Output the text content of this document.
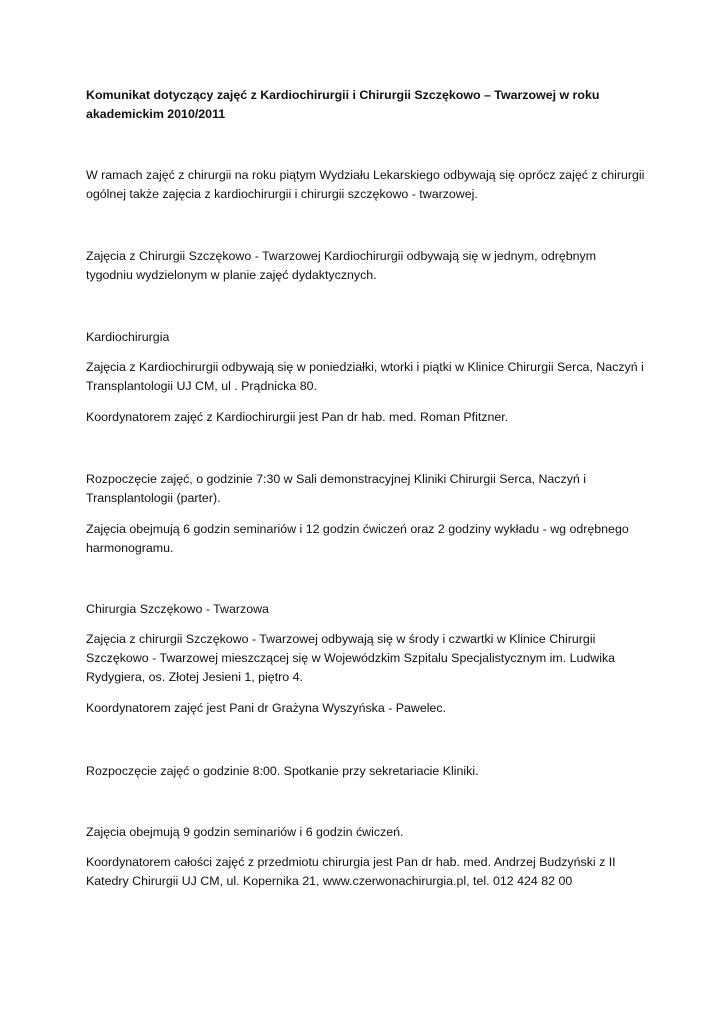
Komunikat dotyczący zajęć z Kardiochirurgii i Chirurgii Szczękowo – Twarzowej w roku
akademickim 2010/2011
W ramach zajęć z chirurgii na roku piątym Wydziału Lekarskiego odbywają się oprócz zajęć z chirurgii
ogólnej także zajęcia z kardiochirurgii i chirurgii szczękowo - twarzowej.
Zajęcia z Chirurgii Szczękowo - Twarzowej Kardiochirurgii odbywają się w jednym, odrębnym
tygodniu wydzielonym w planie zajęć dydaktycznych.
Kardiochirurgia
Zajęcia z Kardiochirurgii odbywają się w poniedziałki, wtorki i piątki w Klinice Chirurgii Serca, Naczyń i
Transplantologii UJ CM, ul . Prądnicka 80.
Koordynatorem zajęć z Kardiochirurgii jest Pan dr hab. med. Roman Pfitzner.
Rozpoczęcie zajęć, o godzinie 7:30 w Sali demonstracyjnej Kliniki Chirurgii Serca, Naczyń i
Transplantologii (parter).
Zajęcia obejmują 6 godzin seminariów i 12 godzin ćwiczeń oraz 2 godziny wykładu - wg odrębnego
harmonogramu.
Chirurgia Szczękowo - Twarzowa
Zajęcia z chirurgii Szczękowo - Twarzowej odbywają się w środy i czwartki w Klinice Chirurgii
Szczękowo - Twarzowej mieszczącej się w Wojewódzkim Szpitalu Specjalistycznym im. Ludwika
Rydygiera, os. Złotej Jesieni 1, piętro 4.
Koordynatorem zajęć jest Pani dr Grażyna Wyszyńska - Pawelec.
Rozpoczęcie zajęć o godzinie 8:00. Spotkanie przy sekretariacie Kliniki.
Zajęcia obejmują 9 godzin seminariów i 6 godzin ćwiczeń.
Koordynatorem całości zajęć z przedmiotu chirurgia jest Pan dr hab. med. Andrzej Budzyński z II
Katedry Chirurgii UJ CM, ul. Kopernika 21, www.czerwonachirurgia.pl, tel. 012 424 82 00
